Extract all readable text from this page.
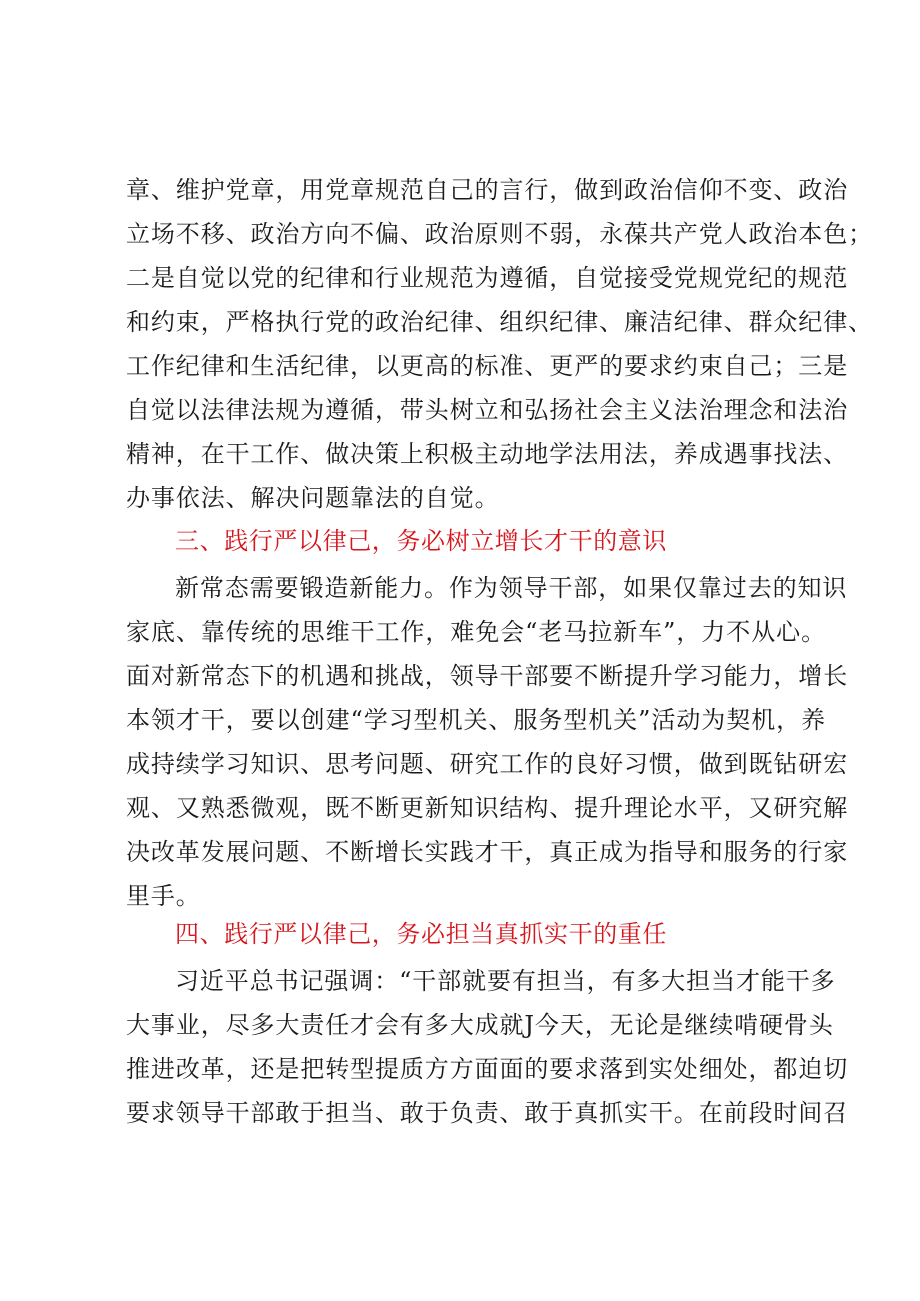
章、维护党章，用党章规范自己的言行，做到政治信仰不变、政治
立场不移、政治方向不偏、政治原则不弱，永葆共产党人政治本色；
二是自觉以党的纪律和行业规范为遵循，自觉接受党规党纪的规范
和约束，严格执行党的政治纪律、组织纪律、廉洁纪律、群众纪律、
工作纪律和生活纪律，以更高的标准、更严的要求约束自己；三是
自觉以法律法规为遵循，带头树立和弘扬社会主义法治理念和法治
精神，在干工作、做决策上积极主动地学法用法，养成遇事找法、
办事依法、解决问题靠法的自觉。
三、践行严以律己，务必树立增长才干的意识
新常态需要锻造新能力。作为领导干部，如果仅靠过去的知识
家底、靠传统的思维干工作，难免会“老马拉新车”，力不从心。
面对新常态下的机遇和挑战，领导干部要不断提升学习能力，增长
本领才干，要以创建“学习型机关、服务型机关”活动为契机，养
成持续学习知识、思考问题、研究工作的良好习惯，做到既钻研宏
观、又熟悉微观，既不断更新知识结构、提升理论水平，又研究解
决改革发展问题、不断增长实践才干，真正成为指导和服务的行家
里手。
四、践行严以律己，务必担当真抓实干的重任
习近平总书记强调：“干部就要有担当，有多大担当才能干多
大事业，尽多大责任才会有多大成就J今天，无论是继续啃硬骨头
推进改革，还是把转型提质方方面面的要求落到实处细处，都迫切
要求领导干部敢于担当、敢于负责、敢于真抓实干。在前段时间召
